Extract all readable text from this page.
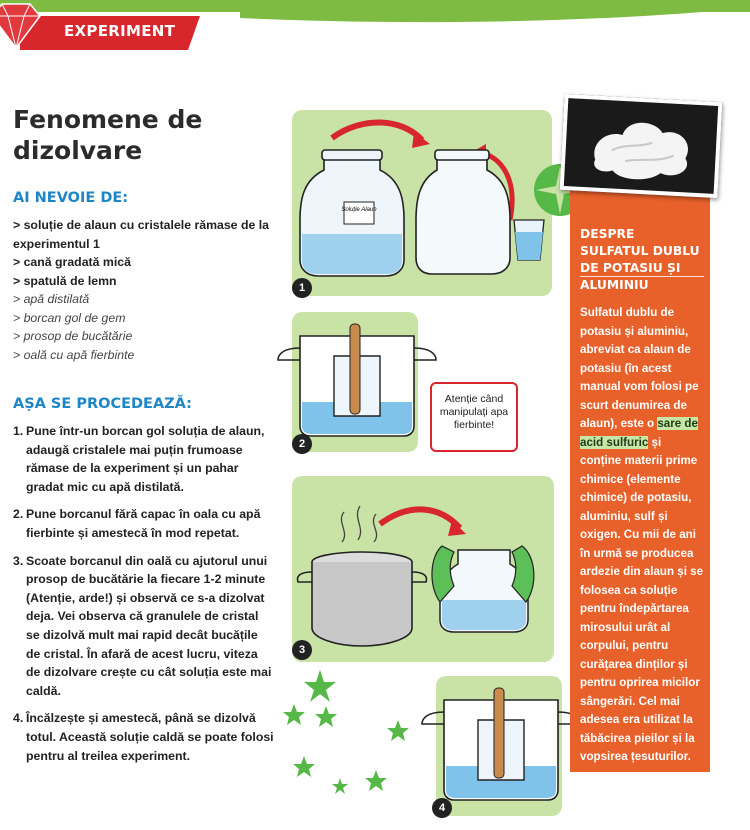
EXPERIMENT
Fenomene de dizolvare
AI NEVOIE DE:
> soluție de alaun cu cristalele rămase de la experimentul 1
> cană gradată mică
> spatulă de lemn
> apă distilată
> borcan gol de gem
> prosop de bucătărie
> oală cu apă fierbinte
AȘA SE PROCEDEAZĂ:
1. Pune într-un borcan gol soluția de alaun, adaugă cristalele mai puțin frumoase rămase de la experiment și un pahar gradat mic cu apă distilată.
2. Pune borcanul fără capac în oala cu apă fierbinte și amestecă în mod repetat.
3. Scoate borcanul din oală cu ajutorul unui prosop de bucătărie la fiecare 1-2 minute (Atenție, arde!) și observă ce s-a dizolvat deja. Vei observa că granulele de cristal se dizolvă mult mai rapid decât bucățile de cristal. În afară de acest lucru, viteza de dizolvare crește cu cât soluția este mai caldă.
4. Încălzește și amestecă, până se dizolvă totul. Această soluție caldă se poate folosi pentru al treilea experiment.
Soluție Alaun
1
2
Atenție când manipulați apa fierbinte!
3
4
DESPRE SULFATUL DUBLU DE POTASIU ȘI ALUMINIU
Sulfatul dublu de potasiu și aluminiu, abreviat ca alaun de potasiu (în acest manual vom folosi pe scurt denumirea de alaun), este o sare de acid sulfuric și conține materii prime chimice (elemente chimice) de potasiu, aluminiu, sulf și oxigen. Cu mii de ani în urmă se producea ardezie din alaun și se folosea ca soluție pentru îndepărtarea mirosului urât al corpului, pentru curățarea dinților și pentru oprirea micilor sângerări. Cel mai adesea era utilizat la tăbăcirea pieilor și la vopsirea țesuturilor.
